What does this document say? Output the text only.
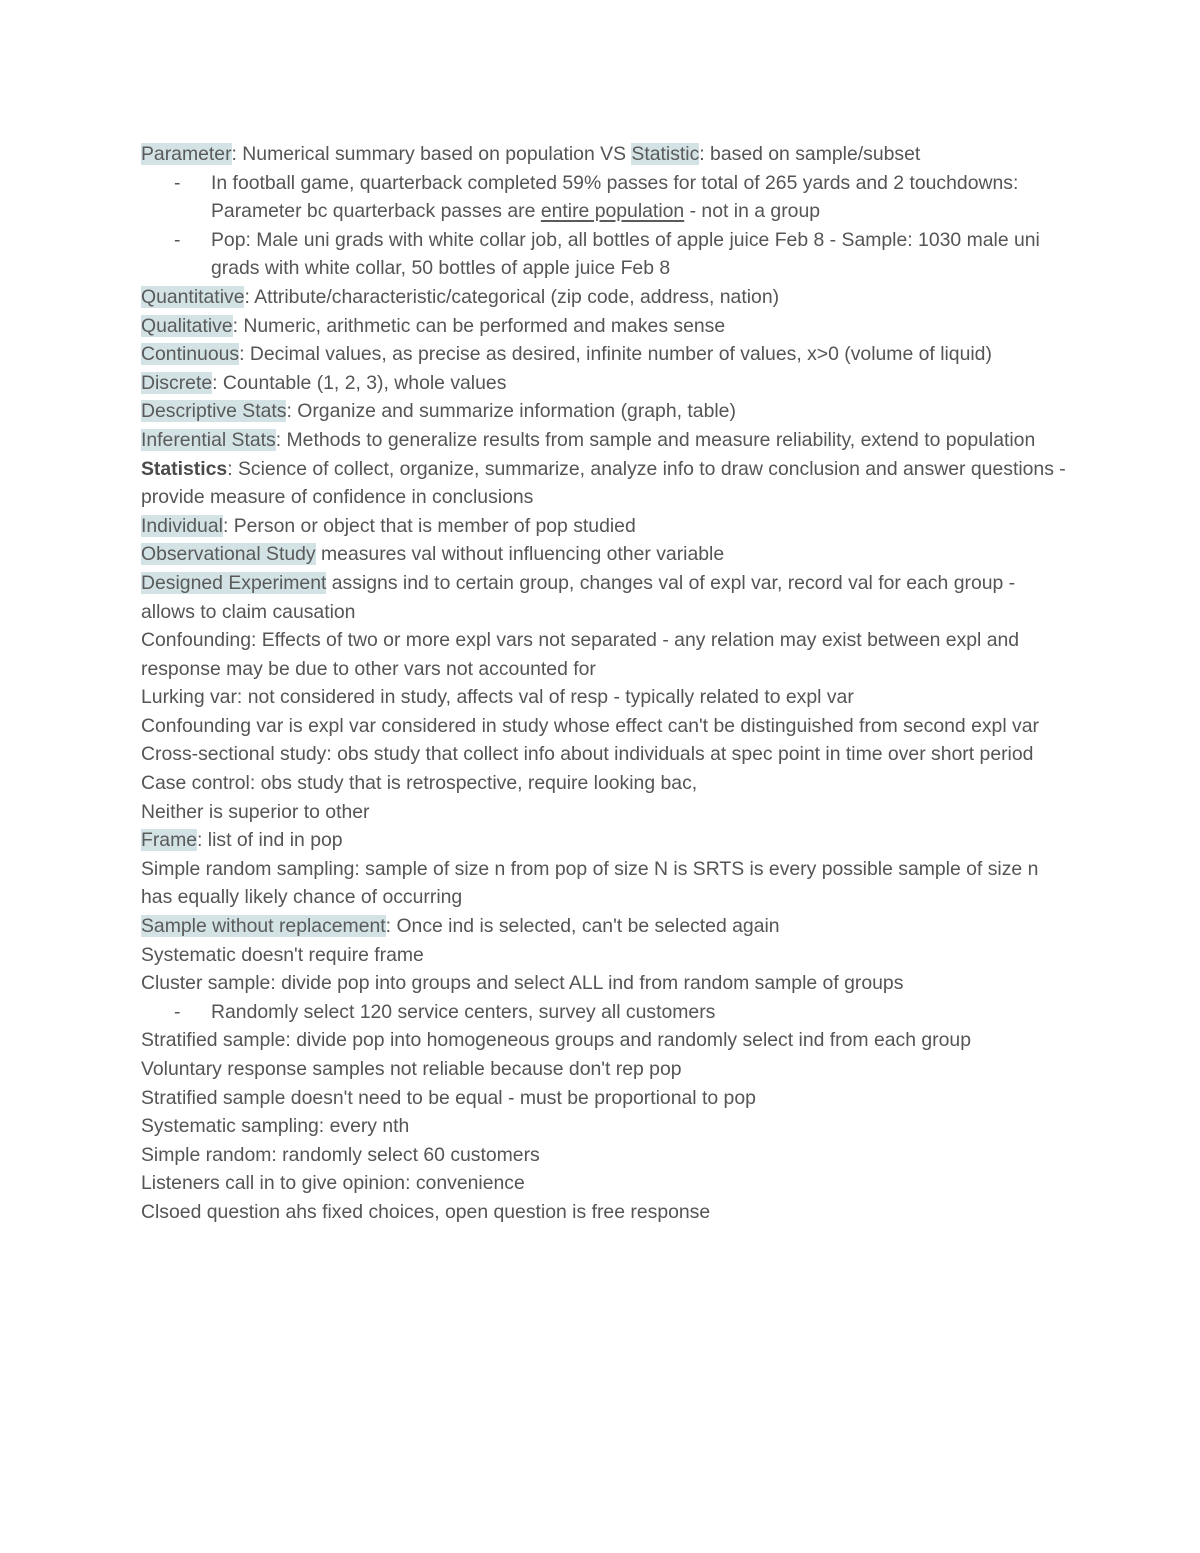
Parameter: Numerical summary based on population VS Statistic: based on sample/subset

- In football game, quarterback completed 59% passes for total of 265 yards and 2 touchdowns: Parameter bc quarterback passes are entire population - not in a group

- Pop: Male uni grads with white collar job, all bottles of apple juice Feb 8 - Sample: 1030 male uni grads with white collar, 50 bottles of apple juice Feb 8

Quantitative: Attribute/characteristic/categorical (zip code, address, nation)

Qualitative: Numeric, arithmetic can be performed and makes sense

Continuous: Decimal values, as precise as desired, infinite number of values, x>0 (volume of liquid)

Discrete: Countable (1, 2, 3), whole values

Descriptive Stats: Organize and summarize information (graph, table)

Inferential Stats: Methods to generalize results from sample and measure reliability, extend to population

Statistics: Science of collect, organize, summarize, analyze info to draw conclusion and answer questions - provide measure of confidence in conclusions

Individual: Person or object that is member of pop studied

Observational Study measures val without influencing other variable

Designed Experiment assigns ind to certain group, changes val of expl var, record val for each group - allows to claim causation

Confounding: Effects of two or more expl vars not separated - any relation may exist between expl and response may be due to other vars not accounted for

Lurking var: not considered in study, affects val of resp - typically related to expl var

Confounding var is expl var considered in study whose effect can't be distinguished from second expl var

Cross-sectional study: obs study that collect info about individuals at spec point in time over short period

Case control: obs study that is retrospective, require looking bac,

Neither is superior to other

Frame: list of ind in pop

Simple random sampling: sample of size n from pop of size N is SRTS is every possible sample of size n has equally likely chance of occurring

Sample without replacement: Once ind is selected, can't be selected again

Systematic doesn't require frame

Cluster sample: divide pop into groups and select ALL ind from random sample of groups

- Randomly select 120 service centers, survey all customers

Stratified sample: divide pop into homogeneous groups and randomly select ind from each group

Voluntary response samples not reliable because don't rep pop

Stratified sample doesn't need to be equal - must be proportional to pop

Systematic sampling: every nth

Simple random: randomly select 60 customers

Listeners call in to give opinion: convenience

Clsoed question ahs fixed choices, open question is free response
